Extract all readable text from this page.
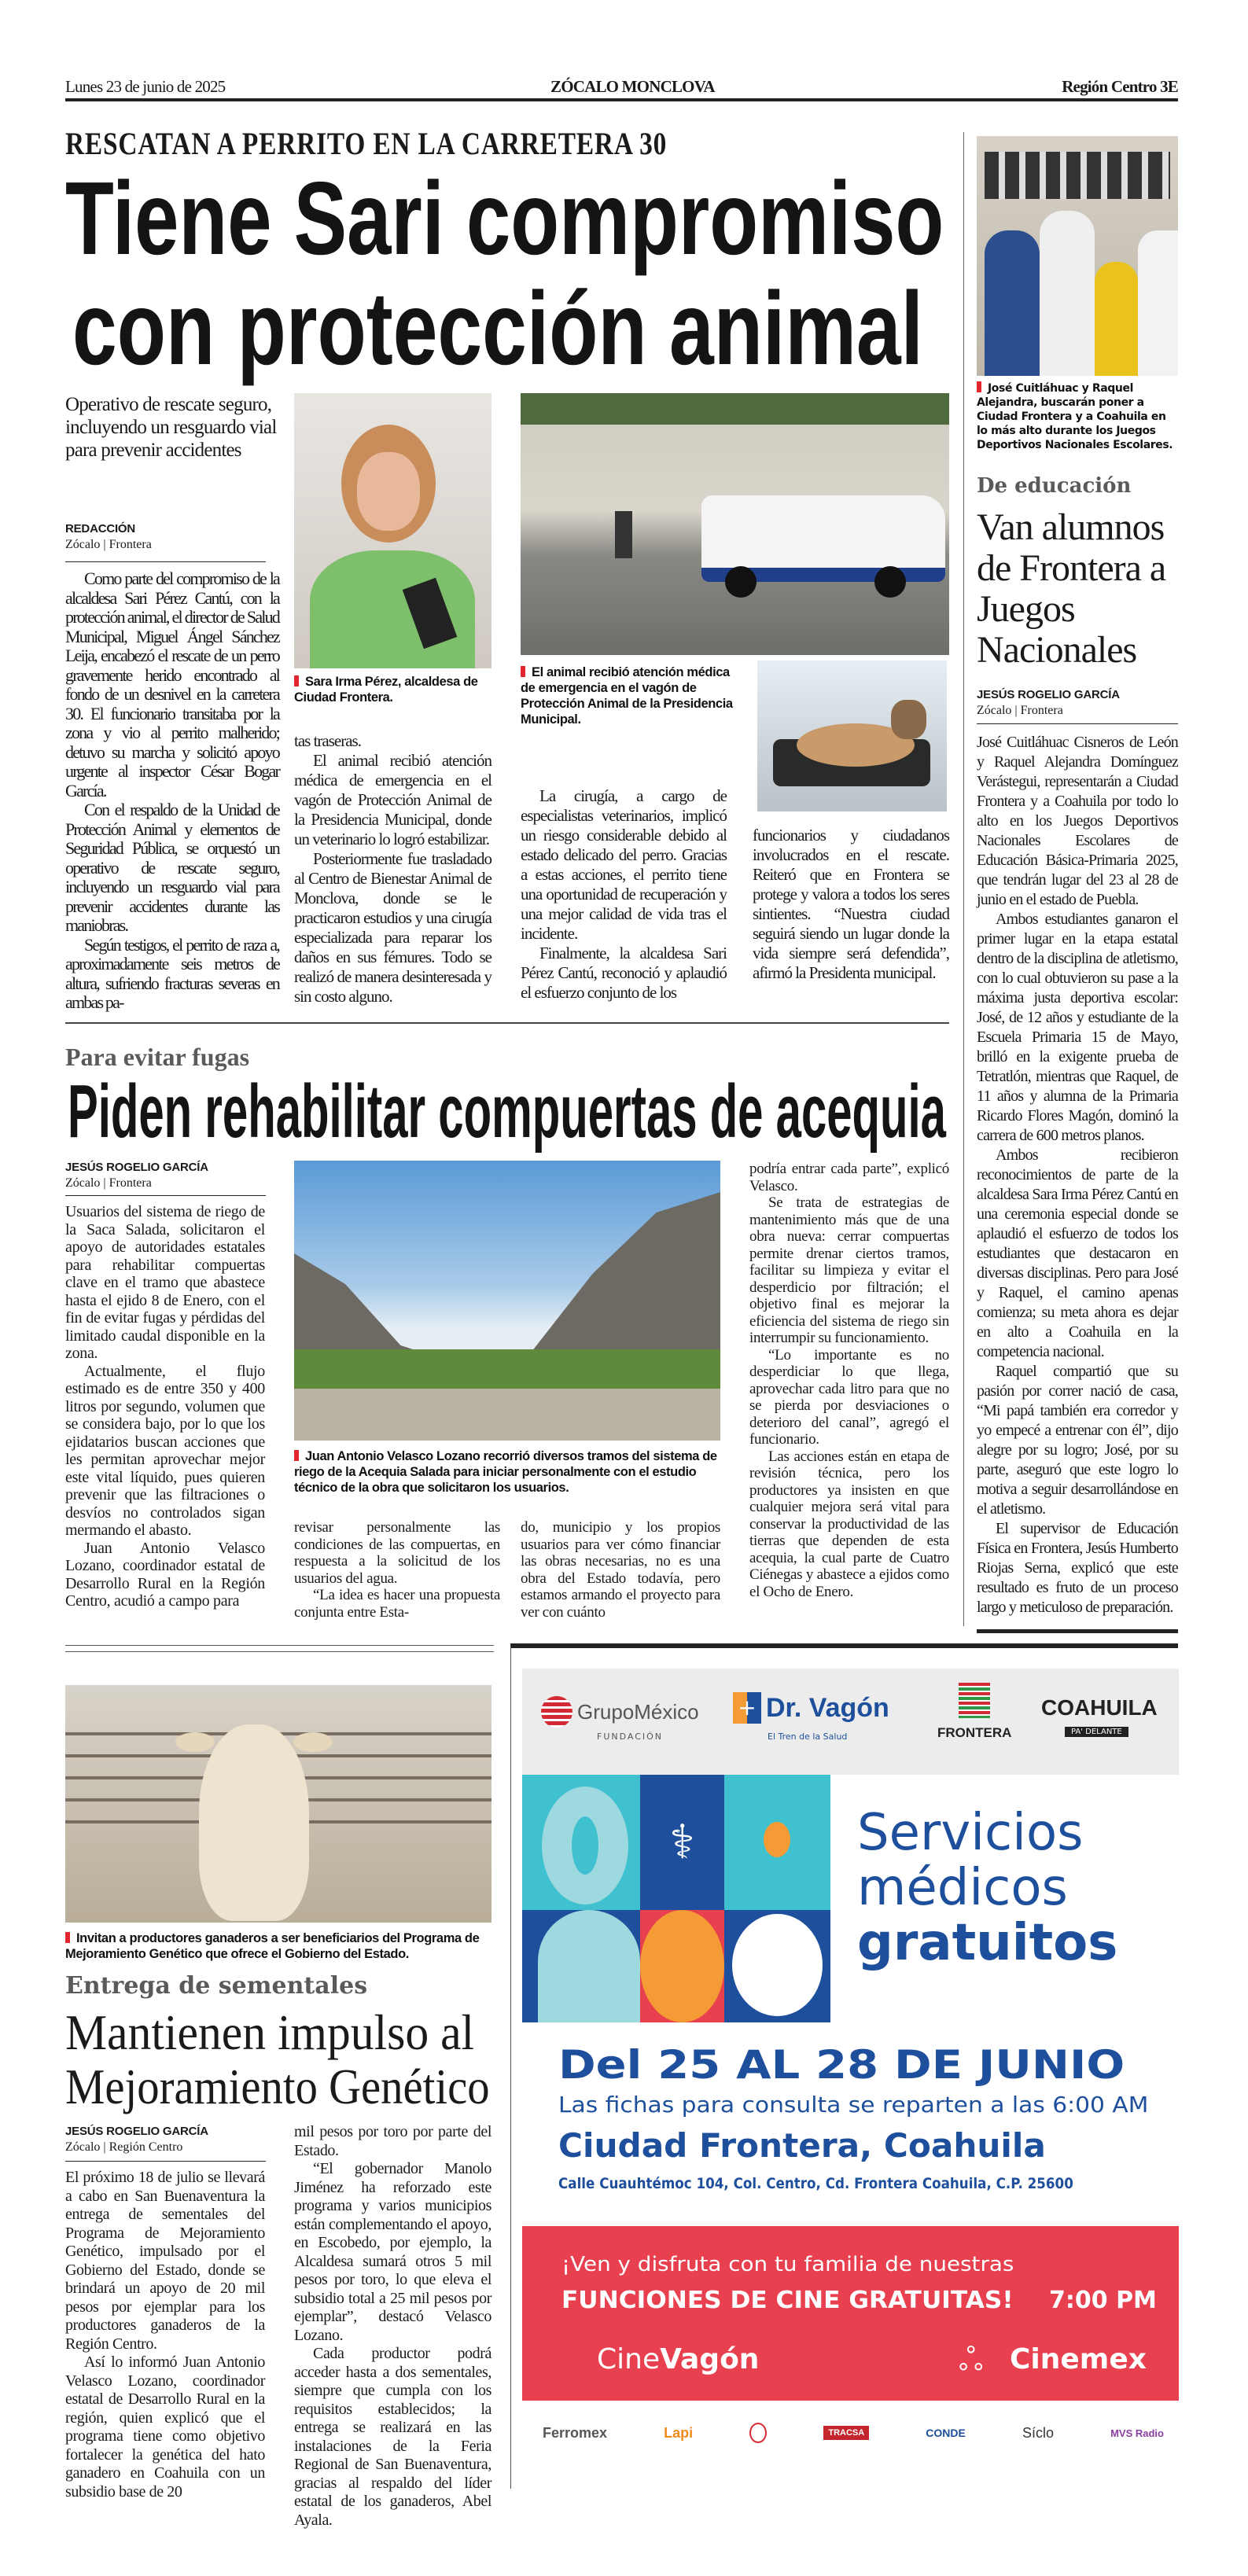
Lunes 23 de junio de 2025	ZÓCALO MONCLOVA	Región Centro 3E
RESCATAN A PERRITO EN LA CARRETERA 30
Tiene Sari compromiso
con protección animal
Operativo de rescate seguro, incluyendo un resguardo vial para prevenir accidentes
REDACCIÓN
Zócalo | Frontera

Como parte del compromiso de la alcaldesa Sari Pérez Cantú, con la protección animal, el director de Salud Municipal, Miguel Ángel Sánchez Leija, encabezó el rescate de un perro gravemente herido encontrado al fondo de un desnivel en la carretera 30. El funcionario transitaba por la zona y vio al perrito malherido; detuvo su marcha y solicitó apoyo urgente al inspector César Bogar García.

Con el respaldo de la Unidad de Protección Animal y elementos de Seguridad Pública, se orquestó un operativo de rescate seguro, incluyendo un resguardo vial para prevenir accidentes durante las maniobras.

Según testigos, el perrito de raza a, aproximadamente seis metros de altura, sufriendo fracturas severas en ambas pa-

Sara Irma Pérez, alcaldesa de Ciudad Frontera.

tas traseras.

El animal recibió atención médica de emergencia en el vagón de Protección Animal de la Presidencia Municipal, donde un veterinario lo logró estabilizar.

Posteriormente fue trasladado al Centro de Bienestar Animal de Monclova, donde se le practicaron estudios y una cirugía especializada para reparar los daños en sus fémures. Todo se realizó de manera desinteresada y sin costo alguno.

El animal recibió atención médica de emergencia en el vagón de Protección Animal de la Presidencia Municipal.

La cirugía, a cargo de especialistas veterinarios, implicó un riesgo considerable debido al estado delicado del perro. Gracias a estas acciones, el perrito tiene una oportunidad de recuperación y una mejor calidad de vida tras el incidente.

Finalmente, la alcaldesa Sari Pérez Cantú, reconoció y aplaudió el esfuerzo conjunto de los

funcionarios y ciudadanos involucrados en el rescate. Reiteró que en Frontera se protege y valora a todos los seres sintientes. “Nuestra ciudad seguirá siendo un lugar donde la vida siempre será defendida”, afirmó la Presidenta municipal.

José Cuitláhuac y Raquel Alejandra, buscarán poner a Ciudad Frontera y a Coahuila en lo más alto durante los Juegos Deportivos Nacionales Escolares.
De educación
Van alumnos de Frontera a Juegos Nacionales
JESÚS ROGELIO GARCÍA
Zócalo | Frontera

José Cuitláhuac Cisneros de León y Raquel Alejandra Domínguez Verástegui, representarán a Ciudad Frontera y a Coahuila por todo lo alto en los Juegos Deportivos Nacionales Escolares de Educación Básica-Primaria 2025, que tendrán lugar del 23 al 28 de junio en el estado de Puebla.

Ambos estudiantes ganaron el primer lugar en la etapa estatal dentro de la disciplina de atletismo, con lo cual obtuvieron su pase a la máxima justa deportiva escolar: José, de 12 años y estudiante de la Escuela Primaria 15 de Mayo, brilló en la exigente prueba de Tetratlón, mientras que Raquel, de 11 años y alumna de la Primaria Ricardo Flores Magón, dominó la carrera de 600 metros planos.

Ambos recibieron reconocimientos de parte de la alcaldesa Sara Irma Pérez Cantú en una ceremonia especial donde se aplaudió el esfuerzo de todos los estudiantes que destacaron en diversas disciplinas. Pero para José y Raquel, el camino apenas comienza; su meta ahora es dejar en alto a Coahuila en la competencia nacional.

Raquel compartió que su pasión por correr nació de casa, “Mi papá también era corredor y yo empecé a entrenar con él”, dijo alegre por su logro; José, por su parte, aseguró que este logro lo motiva a seguir desarrollándose en el atletismo.

El supervisor de Educación Física en Frontera, Jesús Humberto Riojas Serna, explicó que este resultado es fruto de un proceso largo y meticuloso de preparación.

Para evitar fugas
Piden rehabilitar compuertas de acequia
JESÚS ROGELIO GARCÍA
Zócalo | Frontera

Usuarios del sistema de riego de la Saca Salada, solicitaron el apoyo de autoridades estatales para rehabilitar compuertas clave en el tramo que abastece hasta el ejido 8 de Enero, con el fin de evitar fugas y pérdidas del limitado caudal disponible en la zona.

Actualmente, el flujo estimado es de entre 350 y 400 litros por segundo, volumen que se considera bajo, por lo que los ejidatarios buscan acciones que les permitan aprovechar mejor este vital líquido, pues quieren prevenir que las filtraciones o desvíos no controlados sigan mermando el abasto.

Juan Antonio Velasco Lozano, coordinador estatal de Desarrollo Rural en la Región Centro, acudió a campo para

Juan Antonio Velasco Lozano recorrió diversos tramos del sistema de riego de la Acequia Salada para iniciar personalmente con el estudio técnico de la obra que solicitaron los usuarios.

revisar personalmente las condiciones de las compuertas, en respuesta a la solicitud de los usuarios del agua.

“La idea es hacer una propuesta conjunta entre Esta-

do, municipio y los propios usuarios para ver cómo financiar las obras necesarias, no es una obra del Estado todavía, pero estamos armando el proyecto para ver con cuánto

podría entrar cada parte”, explicó Velasco.

Se trata de estrategias de mantenimiento más que de una obra nueva: cerrar compuertas permite drenar ciertos tramos, facilitar su limpieza y evitar el desperdicio por filtración; el objetivo final es mejorar la eficiencia del sistema de riego sin interrumpir su funcionamiento.

“Lo importante es no desperdiciar lo que llega, aprovechar cada litro para que no se pierda por desviaciones o deterioro del canal”, agregó el funcionario.

Las acciones están en etapa de revisión técnica, pero los productores ya insisten en que cualquier mejora será vital para conservar la productividad de las tierras que dependen de esta acequia, la cual parte de Cuatro Ciénegas y abastece a ejidos como el Ocho de Enero.

Invitan a productores ganaderos a ser beneficiarios del Programa de Mejoramiento Genético que ofrece el Gobierno del Estado.
Entrega de sementales
Mantienen impulso al
Mejoramiento Genético
JESÚS ROGELIO GARCÍA
Zócalo | Región Centro

El próximo 18 de julio se llevará a cabo en San Buenaventura la entrega de sementales del Programa de Mejoramiento Genético, impulsado por el Gobierno del Estado, donde se brindará un apoyo de 20 mil pesos por ejemplar para los productores ganaderos de la Región Centro.

Así lo informó Juan Antonio Velasco Lozano, coordinador estatal de Desarrollo Rural en la región, quien explicó que el programa tiene como objetivo fortalecer la genética del hato ganadero en Coahuila con un subsidio base de 20

mil pesos por toro por parte del Estado.

“El gobernador Manolo Jiménez ha reforzado este programa y varios municipios están complementando el apoyo, en Escobedo, por ejemplo, la Alcaldesa sumará otros 5 mil pesos por toro, lo que eleva el subsidio total a 25 mil pesos por ejemplar”, destacó Velasco Lozano.

Cada productor podrá acceder hasta a dos sementales, siempre que cumpla con los requisitos establecidos; la entrega se realizará en las instalaciones de la Feria Regional de San Buenaventura, gracias al respaldo del líder estatal de los ganaderos, Abel Ayala.

GrupoMéxico
FUNDACIÓN
+ Dr. Vagón
El Tren de la Salud	FRONTERA
COAHUILA
PA' DELANTE
⚕	Servicios
médicos
gratuitos
Del 25 AL 28 DE JUNIO
Las fichas para consulta se reparten a las 6:00 AM
Ciudad Frontera, Coahuila
Calle Cuauhtémoc 104, Col. Centro, Cd. Frontera Coahuila, C.P. 25600
¡Ven y disfruta con tu familia de nuestras
FUNCIONES DE CINE GRATUITAS! 7:00 PM
CineVagón	ஃ Cinemex
Ferromex	Lapi	TRACSA	CONDE	Síclo	MVS Radio
